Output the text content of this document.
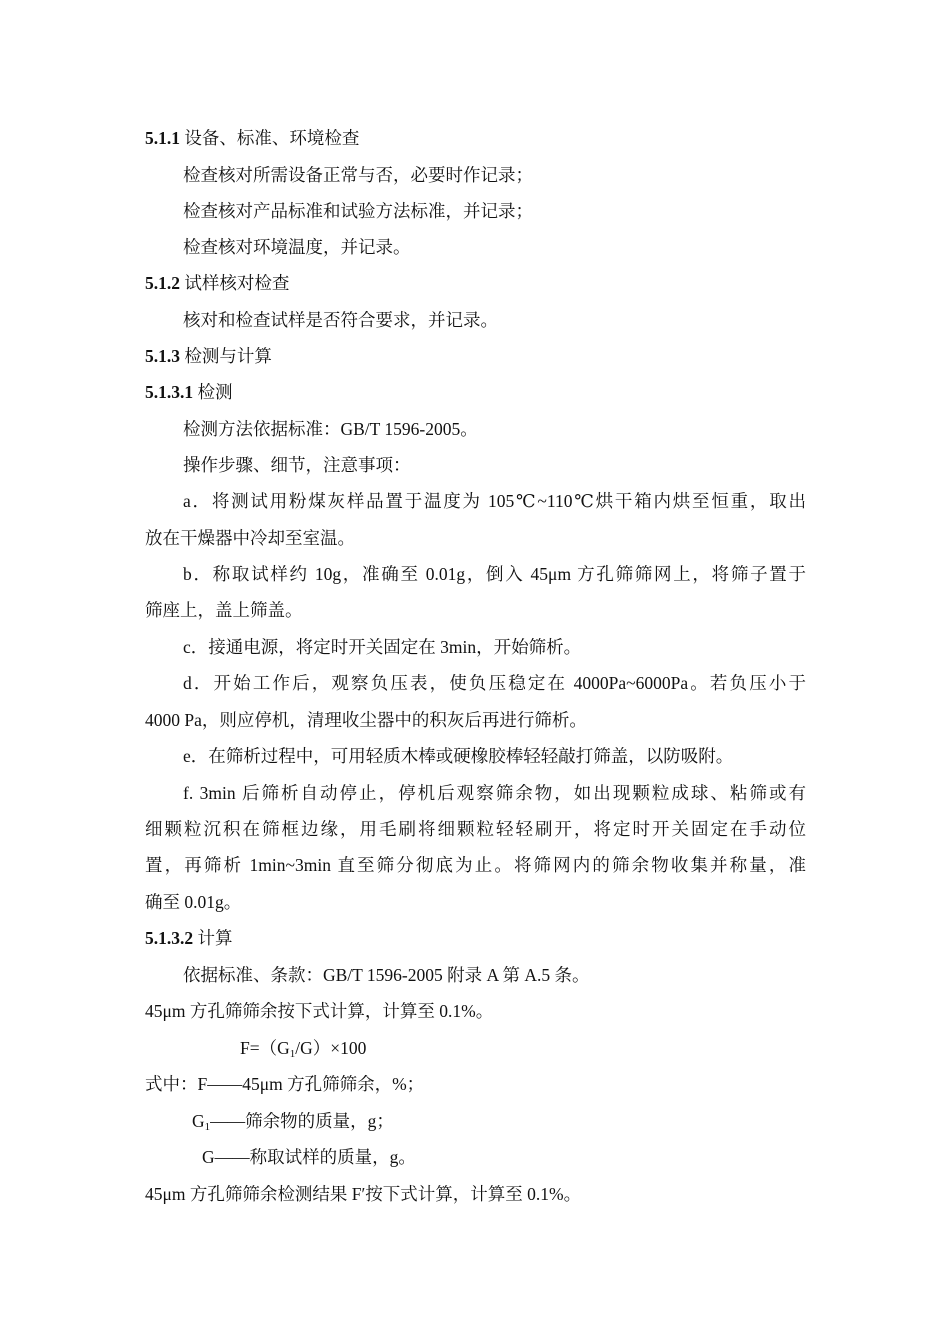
5.1.1 设备、标准、环境检查
检查核对所需设备正常与否，必要时作记录；
检查核对产品标准和试验方法标准，并记录；
检查核对环境温度，并记录。
5.1.2 试样核对检查
核对和检查试样是否符合要求，并记录。
5.1.3 检测与计算
5.1.3.1 检测
检测方法依据标准：GB/T 1596-2005。
操作步骤、细节，注意事项：
a．将测试用粉煤灰样品置于温度为 105℃~110℃烘干箱内烘至恒重，取出
放在干燥器中冷却至室温。
b．称取试样约 10g，准确至 0.01g，倒入 45μm 方孔筛筛网上，将筛子置于
筛座上，盖上筛盖。
c．接通电源，将定时开关固定在 3min，开始筛析。
d．开始工作后，观察负压表，使负压稳定在 4000Pa~6000Pa。若负压小于
4000 Pa，则应停机，清理收尘器中的积灰后再进行筛析。
e．在筛析过程中，可用轻质木棒或硬橡胶棒轻轻敲打筛盖，以防吸附。
f. 3min 后筛析自动停止，停机后观察筛余物，如出现颗粒成球、粘筛或有
细颗粒沉积在筛框边缘，用毛刷将细颗粒轻轻刷开，将定时开关固定在手动位
置，再筛析 1min~3min 直至筛分彻底为止。将筛网内的筛余物收集并称量，准
确至 0.01g。
5.1.3.2 计算
依据标准、条款：GB/T 1596-2005 附录 A 第 A.5 条。
45μm 方孔筛筛余按下式计算，计算至 0.1%。
$F=(G_1/G)\times 100$
式中：F——45μm 方孔筛筛余，%；
$G_1——$筛余物的质量，g；
G——称取试样的质量，g。
45μm 方孔筛筛余检测结果 F′按下式计算，计算至 0.1%。
